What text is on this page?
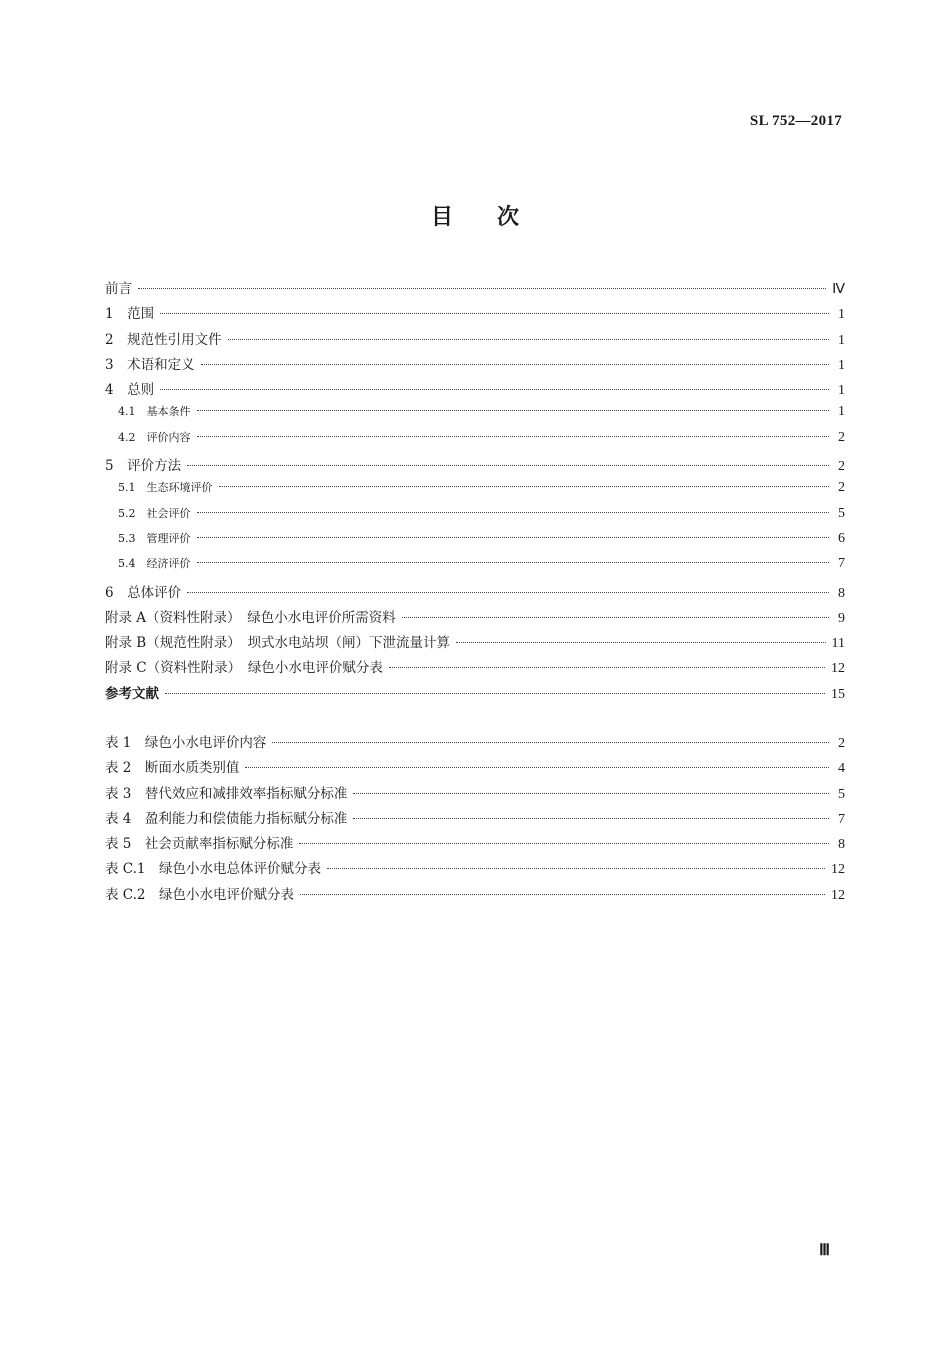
SL 752—2017
目 次
前言	Ⅳ
1　范围	1
2　规范性引用文件	1
3　术语和定义	1
4　总则	1
4.1　基本条件	1
4.2　评价内容	2
5　评价方法	2
5.1　生态环境评价	2
5.2　社会评价	5
5.3　管理评价	6
5.4　经济评价	7
6　总体评价	8
附录 A（资料性附录）　绿色小水电评价所需资料	9
附录 B（规范性附录）　坝式水电站坝（闸）下泄流量计算	11
附录 C（资料性附录）　绿色小水电评价赋分表	12
参考文献	15
表 1　绿色小水电评价内容	2
表 2　断面水质类别值	4
表 3　替代效应和减排效率指标赋分标准	5
表 4　盈利能力和偿债能力指标赋分标准	7
表 5　社会贡献率指标赋分标准	8
表 C.1　绿色小水电总体评价赋分表	12
表 C.2　绿色小水电评价赋分表	12
Ⅲ
